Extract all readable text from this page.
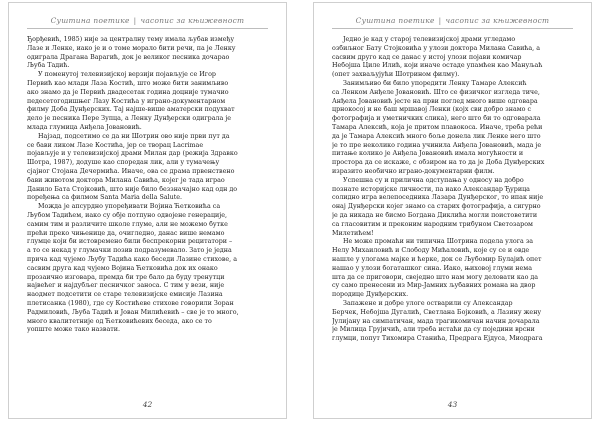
Суштина поетике | часопис за књижевност
Ђорђевић, 1985) није за централну тему имала љубав између
Лазе и Ленке, иако је и о томе морало бити речи, па је Ленку
одиграла Драгана Варагић, док је великог песника дочарао
Љуба Тадић.
У поменутој телевизијској верзији појављује се Игор
Первић као млади Лаза Костић, што може бити занимљиво
ако знамо да је Первић двадесетак година доцније тумачио
педесетогодишњег Лазу Костића у играно-документарном
филму Доба Дунђерских. Тај најше-више аматерски подухват
дело је песника Пере Зупца, а Ленку Дунђерски одиграла је
млада глумица Анђела Јовановић.
Најзад, подсетимо се да ни Шотрин ово није први пут да
се бави ликом Лазе Костића, јер се творац Lacrimae
појављује и у телевизијској драми Милан дар (режија Здравко
Шотра, 1987), додуше као споредан лик, али у тумачењу
сјајног Стојана Дечермића. Иначе, ова се драма првенствено
бави животом доктора Милана Савића, којег је тада играо
Данило Бата Стојковић, што није било беззначајно кад одн до
поређења са филмом Santa Maria della Salute.
Можда је апсурдно упоређивати Војина Ћетковића са
Љубом Тадићем, иако су обје потпуно одвојене генерације,
самим тим и различите школе глуме, али не можемо бутке
прећи преко чињенице да, очигледно, данас више немамо
глумце који би истовремено били беспрекорни рецитатори –
а то се некад у глумачки позив подразумевало. Зато је једна
прича кад чујемо Љубу Тадића како беседи Лазине стихове, а
сасвим друга кад чујемо Војина Ћетковића док их онако
прозаично изговара, премда би тре бало да буду тренутци
највећег и најдубљег песничког заноса. С тим у вези, није
наодмет подсетити се старе телевизијске емисије Лазина
плетисанка (1980), где су Костићеве стихове говорили Зоран
Радмиловић, Љуба Тадић и Јован Милићевић – све је то много,
много квалитетније од Ћетковићевих беседа, ако се то
уопште може тако назвати.
42
Суштина поетике | часопис за књижевност
Једно је кад у старој телевизијској драми угледамо
озбиљног Бату Стојковића у улози доктора Милана Савића, а
сасвим друго кад се данас у истој улози појави комичар
Небојша Циле Илић, који иначе остаде упамћен као Мануљаћ
(опет захваљујући Шотрином филму).
Занимљиво би било упоредити Ленку Тамаре Алексић
са Ленком Анђеле Јовановић. Што се физичког изгледа тиче,
Анђела Јовановић јесте на први поглед много више одговара
црнокосој и не баш мршавој Ленки (којх сви добро знамо с
фотографија и уметничких слика), него што би то одговарала
Тамара Алексић, која је притом плавокоса. Иначе, треба рећи
да је Тамара Алексић много боље донела лик Ленке него што
је то пре неколико година учинила Анђела Јовановић, мада је
питање колико је Анђела Јовановић имала могућности и
простора да се искаже, с обзиром на то да је Доба Дунђерских
изразито необично играно-документарни филм.
Успешна су и прилична одступања у односу на добро
познате историјске личности, па иако Александар Ђурица
солидно игра велепоседника Лазара Дунђерског, то ипак није
онај Дунђерски којег знамо са старих фотографија, а сигурно
је да никада не бисмо Богдана Диклића могли поистоветити
са гласовитим и преконим народним трибуном Светозаром
Милетићем!
Не може промаћи ни типична Шотрина подела улога за
Нелу Михаиловић и Слободу Мићаловић, које су се и овде
нашле у улогама мајке и ћерке, док се Љубомир Булајић опет
нашао у улози богаташког сина. Иако, њиховој глуми нема
шта да се приговори, свеједно што нам могу деловати као да
су само пренесени из Мир-Јамниx љубавних романа на двор
породице Дунђерских.
Запажене и добре улоге остварили су Александар
Берчек, Небојша Дугалић, Светлана Бојковић, а Лазину жену
Јулијану на симпатичан, мада трагикомичан начин дочарала
је Милица Грујичић, али треба истаћи да су поједини врсни
глумци, попут Тихомира Станића, Предрага Ејдуса, Миодрага
43
